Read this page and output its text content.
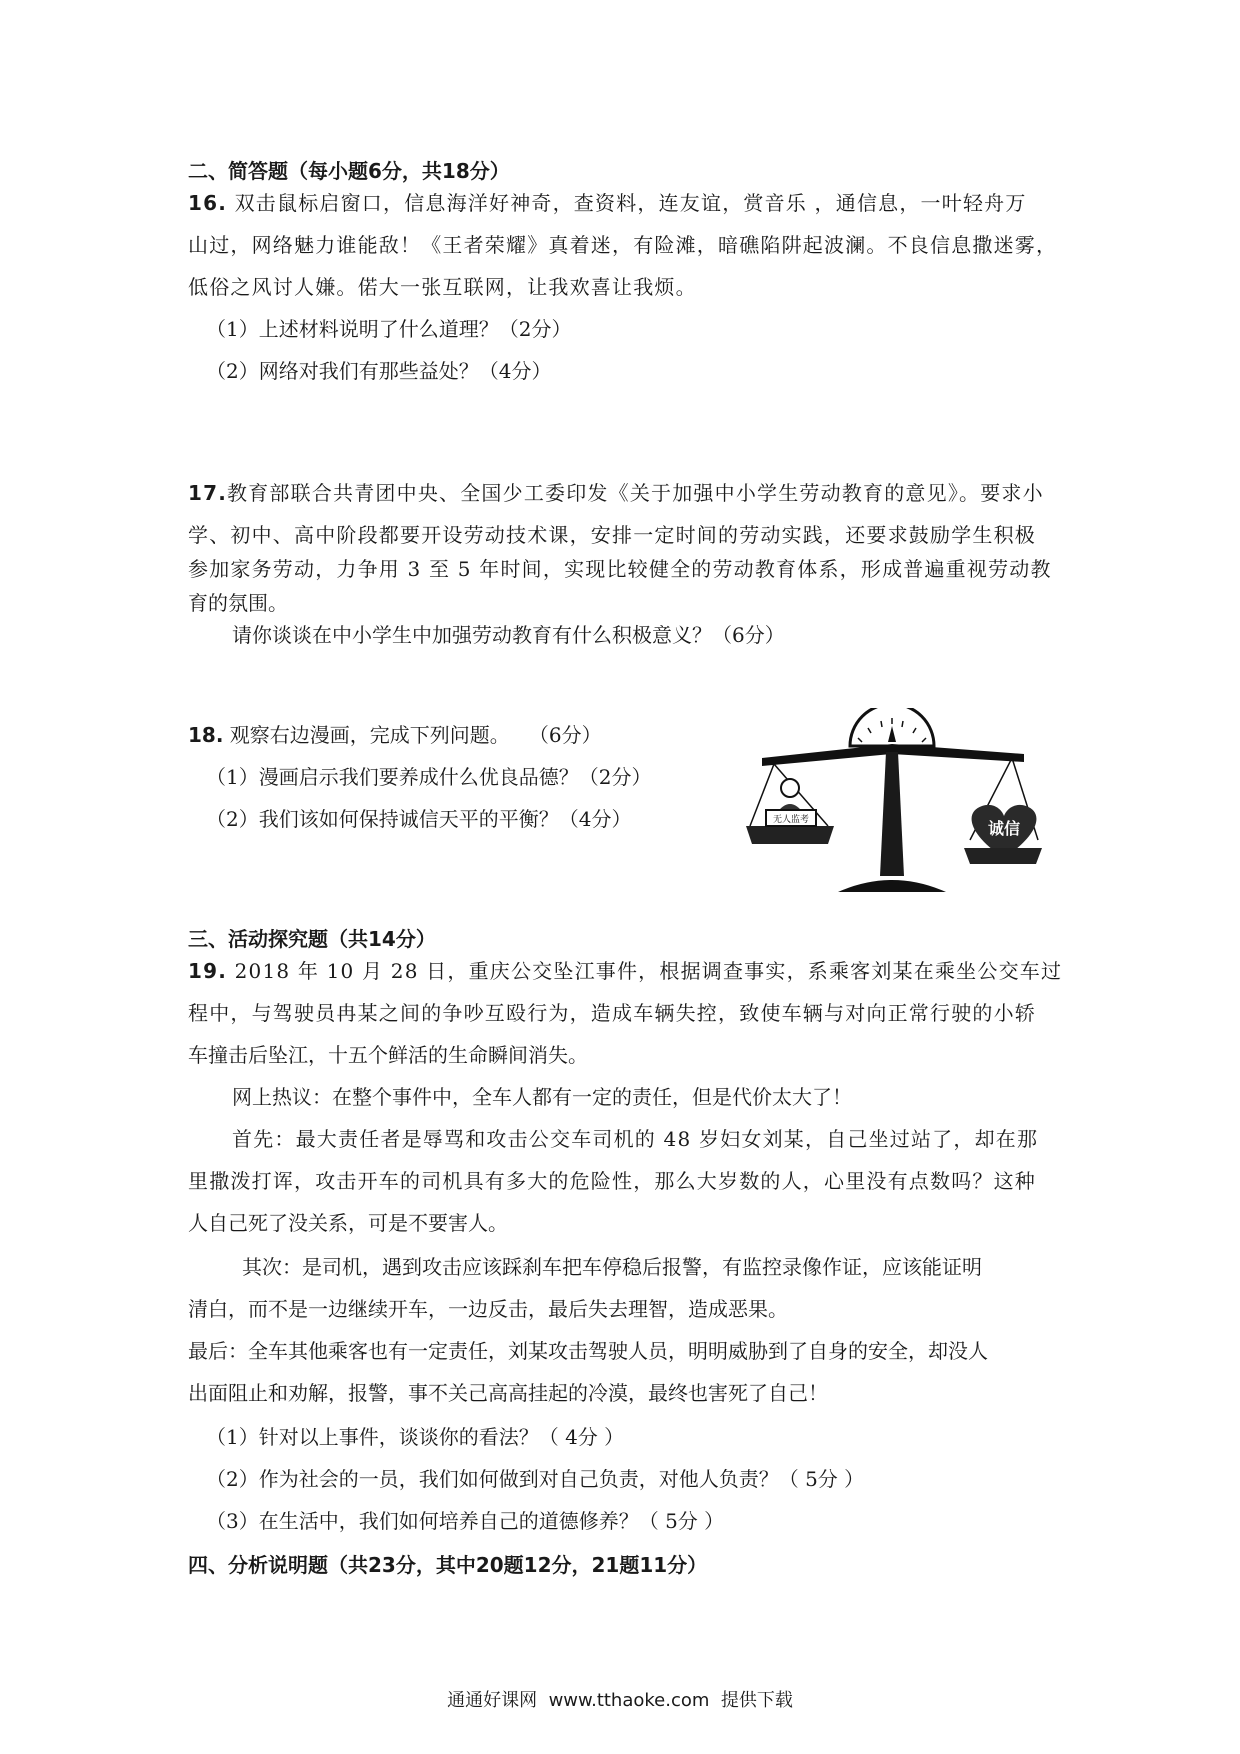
二、简答题（每小题6分，共18分）
16. 双击鼠标启窗口，信息海洋好神奇，查资料，连友谊，赏音乐 ，通信息，一叶轻舟万
山过，网络魅力谁能敌！《王者荣耀》真着迷，有险滩，暗礁陷阱起波澜。不良信息撒迷雾，
低俗之风讨人嫌。偌大一张互联网，让我欢喜让我烦。
（1）上述材料说明了什么道理？（2分）
（2）网络对我们有那些益处？（4分）
17.教育部联合共青团中央、全国少工委印发《关于加强中小学生劳动教育的意见》。要求小
学、初中、高中阶段都要开设劳动技术课，安排一定时间的劳动实践，还要求鼓励学生积极
参加家务劳动，力争用 3 至 5 年时间，实现比较健全的劳动教育体系，形成普遍重视劳动教
育的氛围。
请你谈谈在中小学生中加强劳动教育有什么积极意义？（6分）
18. 观察右边漫画，完成下列问题。   （6分）
（1）漫画启示我们要养成什么优良品德？（2分）
（2）我们该如何保持诚信天平的平衡？（4分）	无人监考	诚信
三、活动探究题（共14分）
19. 2018 年 10 月 28 日，重庆公交坠江事件，根据调查事实，系乘客刘某在乘坐公交车过
程中，与驾驶员冉某之间的争吵互殴行为，造成车辆失控，致使车辆与对向正常行驶的小轿
车撞击后坠江，十五个鲜活的生命瞬间消失。
网上热议：在整个事件中，全车人都有一定的责任，但是代价太大了！
首先：最大责任者是辱骂和攻击公交车司机的 48 岁妇女刘某，自己坐过站了，却在那
里撒泼打诨，攻击开车的司机具有多大的危险性，那么大岁数的人，心里没有点数吗？这种
人自己死了没关系，可是不要害人。
其次：是司机，遇到攻击应该踩刹车把车停稳后报警，有监控录像作证，应该能证明
清白，而不是一边继续开车，一边反击，最后失去理智，造成恶果。
最后：全车其他乘客也有一定责任，刘某攻击驾驶人员，明明威胁到了自身的安全，却没人
出面阻止和劝解，报警，事不关己高高挂起的冷漠，最终也害死了自己！
（1）针对以上事件，谈谈你的看法？（ 4分 ）
（2）作为社会的一员，我们如何做到对自己负责，对他人负责？（ 5分 ）
（3）在生活中，我们如何培养自己的道德修养？（ 5分 ）
四、分析说明题（共23分，其中20题12分，21题11分）
通通好课网  www.tthaoke.com  提供下载
